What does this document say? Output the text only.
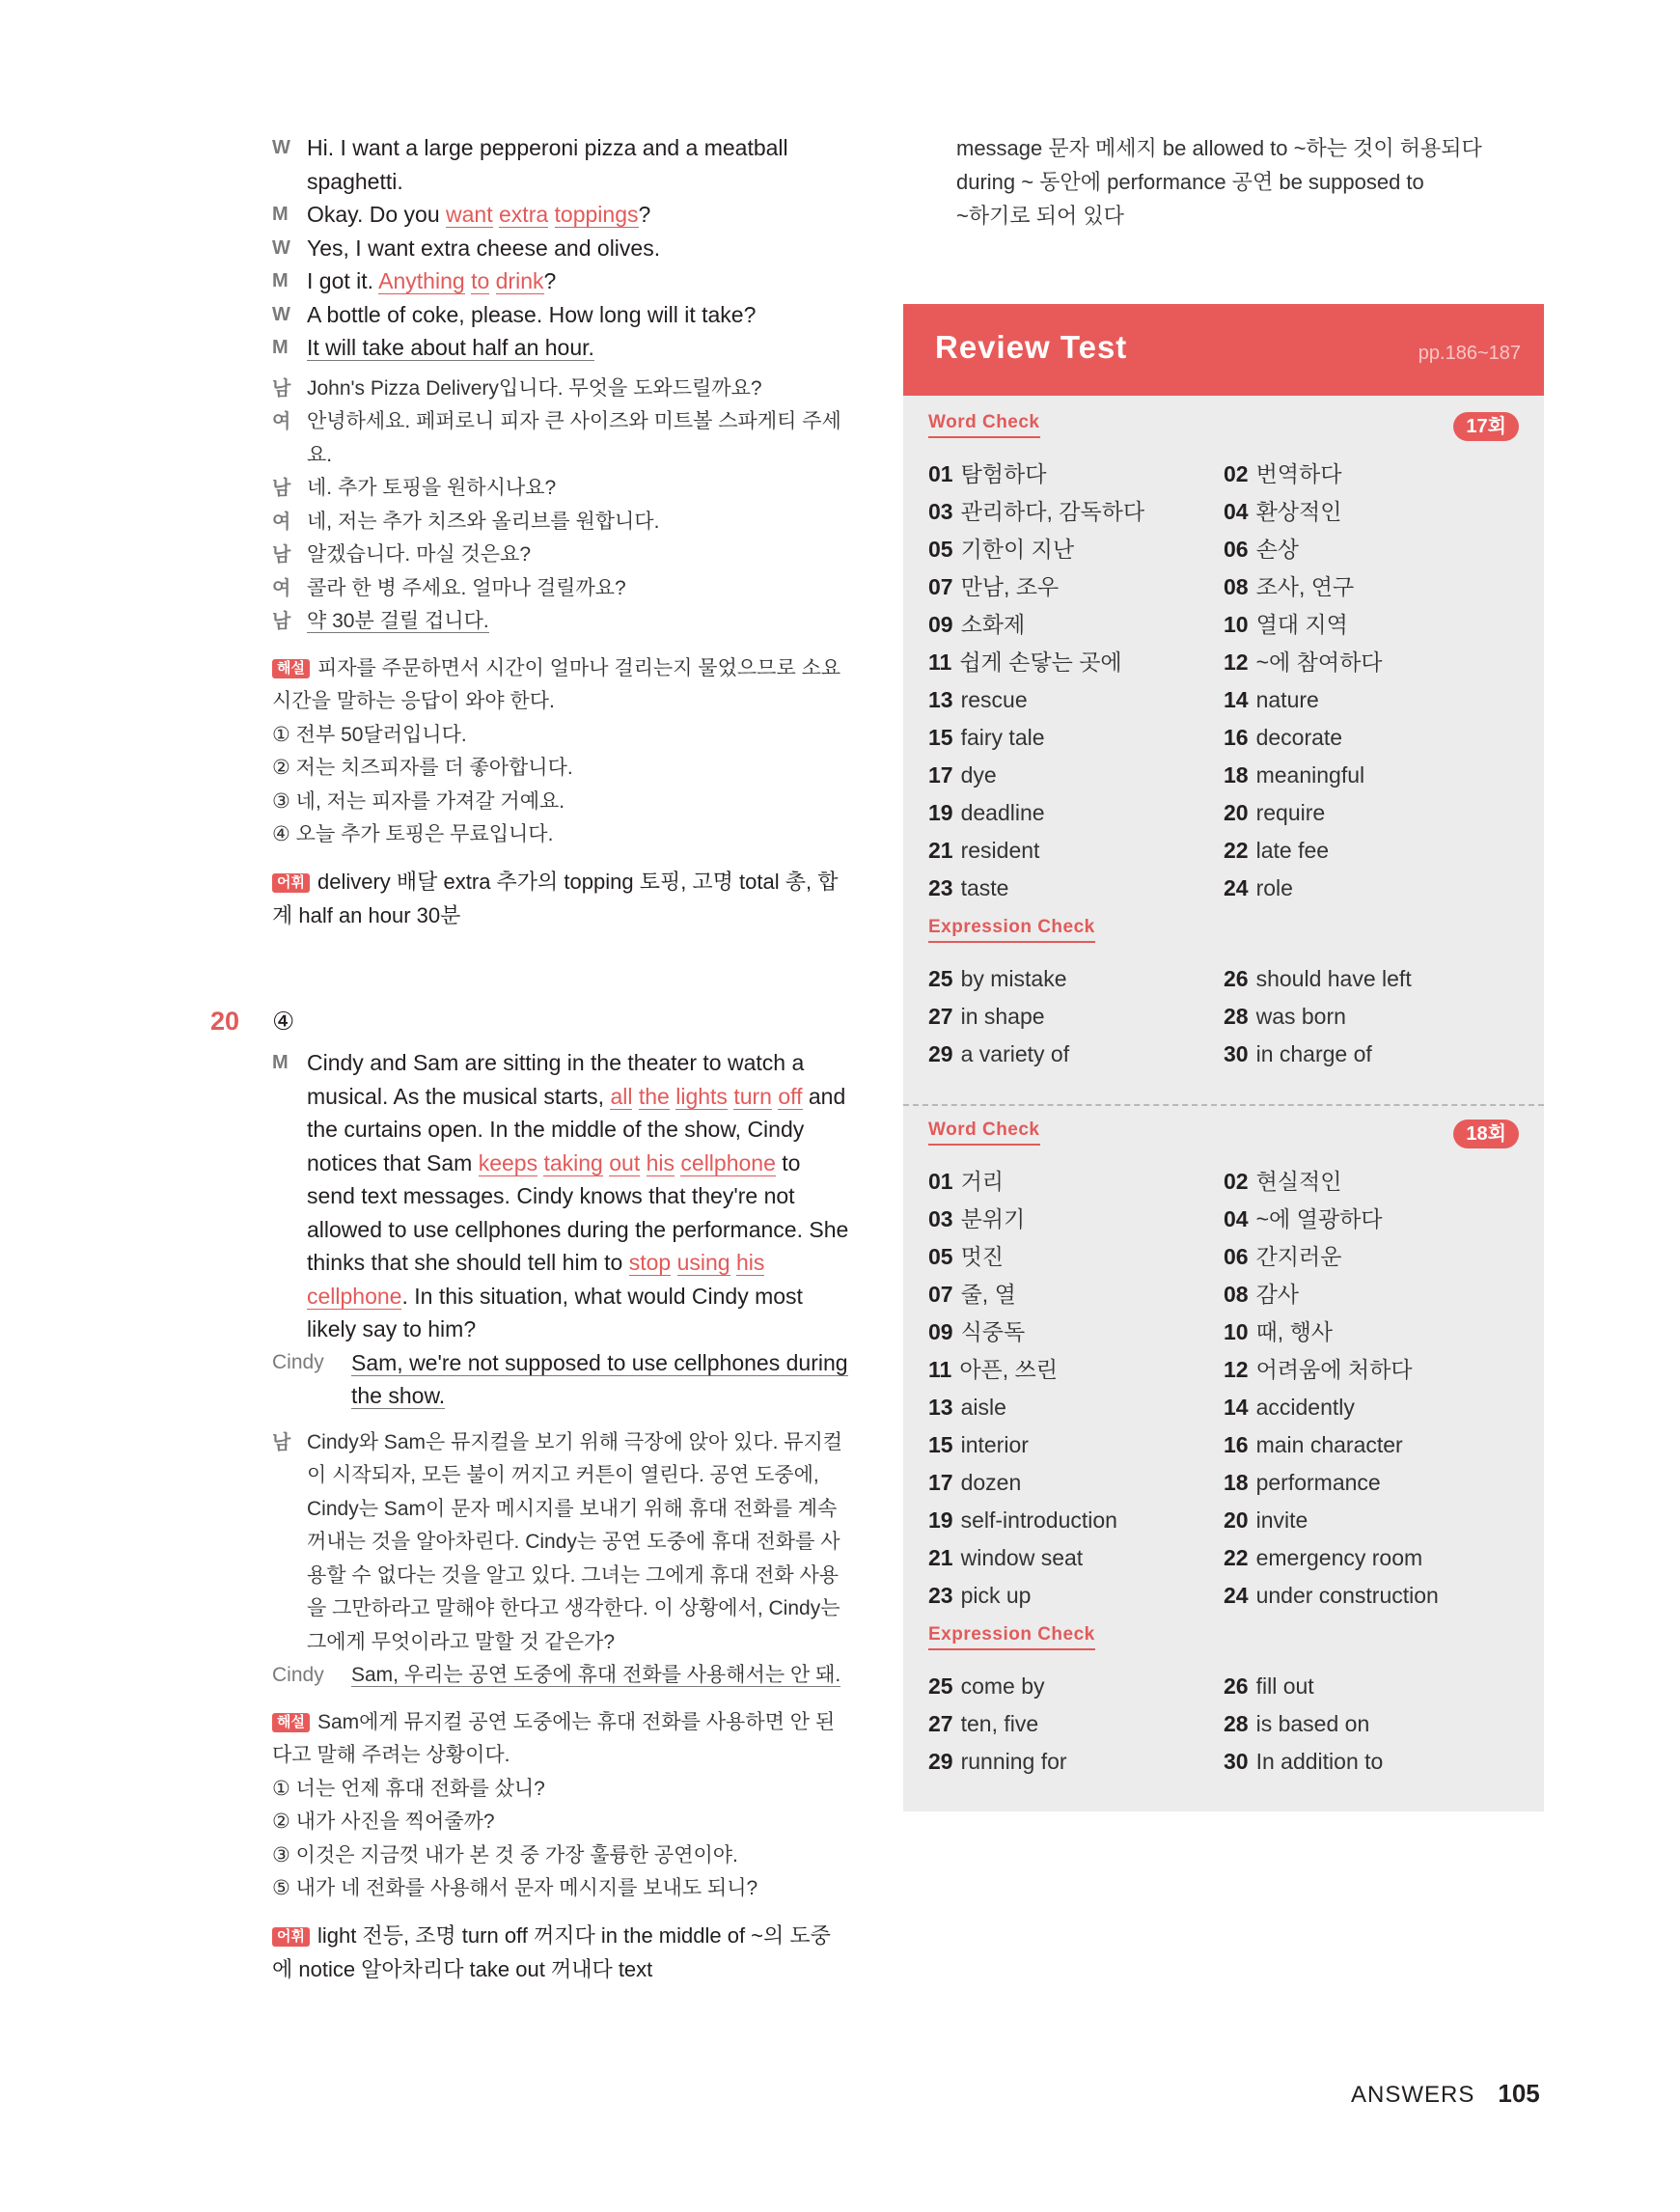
W Hi. I want a large pepperoni pizza and a meatball spaghetti.
M Okay. Do you want extra toppings?
W Yes, I want extra cheese and olives.
M I got it. Anything to drink?
W A bottle of coke, please. How long will it take?
M It will take about half an hour.
남 John's Pizza Delivery입니다. 무엇을 도와드릴까요?
여 안녕하세요. 페퍼로니 피자 큰 사이즈와 미트볼 스파게티 주세요.
남 네. 추가 토핑을 원하시나요?
여 네, 저는 추가 치즈와 올리브를 원합니다.
남 알겠습니다. 마실 것은요?
여 콜라 한 병 주세요. 얼마나 걸릴까요?
남 약 30분 걸릴 겁니다.
해설 피자를 주문하면서 시간이 얼마나 걸리는지 물었으므로 소요 시간을 말하는 응답이 와야 한다.
① 전부 50달러입니다.
② 저는 치즈피자를 더 좋아합니다.
③ 네, 저는 피자를 가져갈 거예요.
④ 오늘 추가 토핑은 무료입니다.
어휘 delivery 배달 extra 추가의 topping 토핑, 고명 total 총, 합계 half an hour 30분
20 ④
M Cindy and Sam are sitting in the theater to watch a musical. As the musical starts, all the lights turn off and the curtains open. In the middle of the show, Cindy notices that Sam keeps taking out his cellphone to send text messages. Cindy knows that they're not allowed to use cellphones during the performance. She thinks that she should tell him to stop using his cellphone. In this situation, what would Cindy most likely say to him?
Cindy	Sam, we're not supposed to use cellphones during the show.
남 Cindy와 Sam은 뮤지컬을 보기 위해 극장에 앉아 있다. 뮤지컬이 시작되자, 모든 불이 꺼지고 커튼이 열린다. 공연 도중에, Cindy는 Sam이 문자 메시지를 보내기 위해 휴대 전화를 계속 꺼내는 것을 알아차린다. Cindy는 공연 도중에 휴대 전화를 사용할 수 없다는 것을 알고 있다. 그녀는 그에게 휴대 전화 사용을 그만하라고 말해야 한다고 생각한다. 이 상황에서, Cindy는 그에게 무엇이라고 말할 것 같은가?
Cindy	Sam, 우리는 공연 도중에 휴대 전화를 사용해서는 안 돼.
해설 Sam에게 뮤지컬 공연 도중에는 휴대 전화를 사용하면 안 된다고 말해 주려는 상황이다.
① 너는 언제 휴대 전화를 샀니?
② 내가 사진을 찍어줄까?
③ 이것은 지금껏 내가 본 것 중 가장 훌륭한 공연이야.
⑤ 내가 네 전화를 사용해서 문자 메시지를 보내도 되니?
어휘 light 전등, 조명 turn off 꺼지다 in the middle of ~의 도중에 notice 알아차리다 take out 꺼내다 text
message 문자 메세지 be allowed to ~하는 것이 허용되다
during ~ 동안에 performance 공연 be supposed to
~하기로 되어 있다
Review Test	pp.186~187
Word Check	17회
01 탐험하다	02 번역하다
03 관리하다, 감독하다	04 환상적인
05 기한이 지난	06 손상
07 만남, 조우	08 조사, 연구
09 소화제	10 열대 지역
11 쉽게 손닿는 곳에	12 ~에 참여하다
13 rescue	14 nature
15 fairy tale	16 decorate
17 dye	18 meaningful
19 deadline	20 require
21 resident	22 late fee
23 taste	24 role
Expression Check
25 by mistake	26 should have left
27 in shape	28 was born
29 a variety of	30 in charge of
Word Check	18회
01 거리	02 현실적인
03 분위기	04 ~에 열광하다
05 멋진	06 간지러운
07 줄, 열	08 감사
09 식중독	10 때, 행사
11 아픈, 쓰린	12 어려움에 처하다
13 aisle	14 accidently
15 interior	16 main character
17 dozen	18 performance
19 self-introduction	20 invite
21 window seat	22 emergency room
23 pick up	24 under construction
Expression Check
25 come by	26 fill out
27 ten, five	28 is based on
29 running for	30 In addition to
ANSWERS 105
